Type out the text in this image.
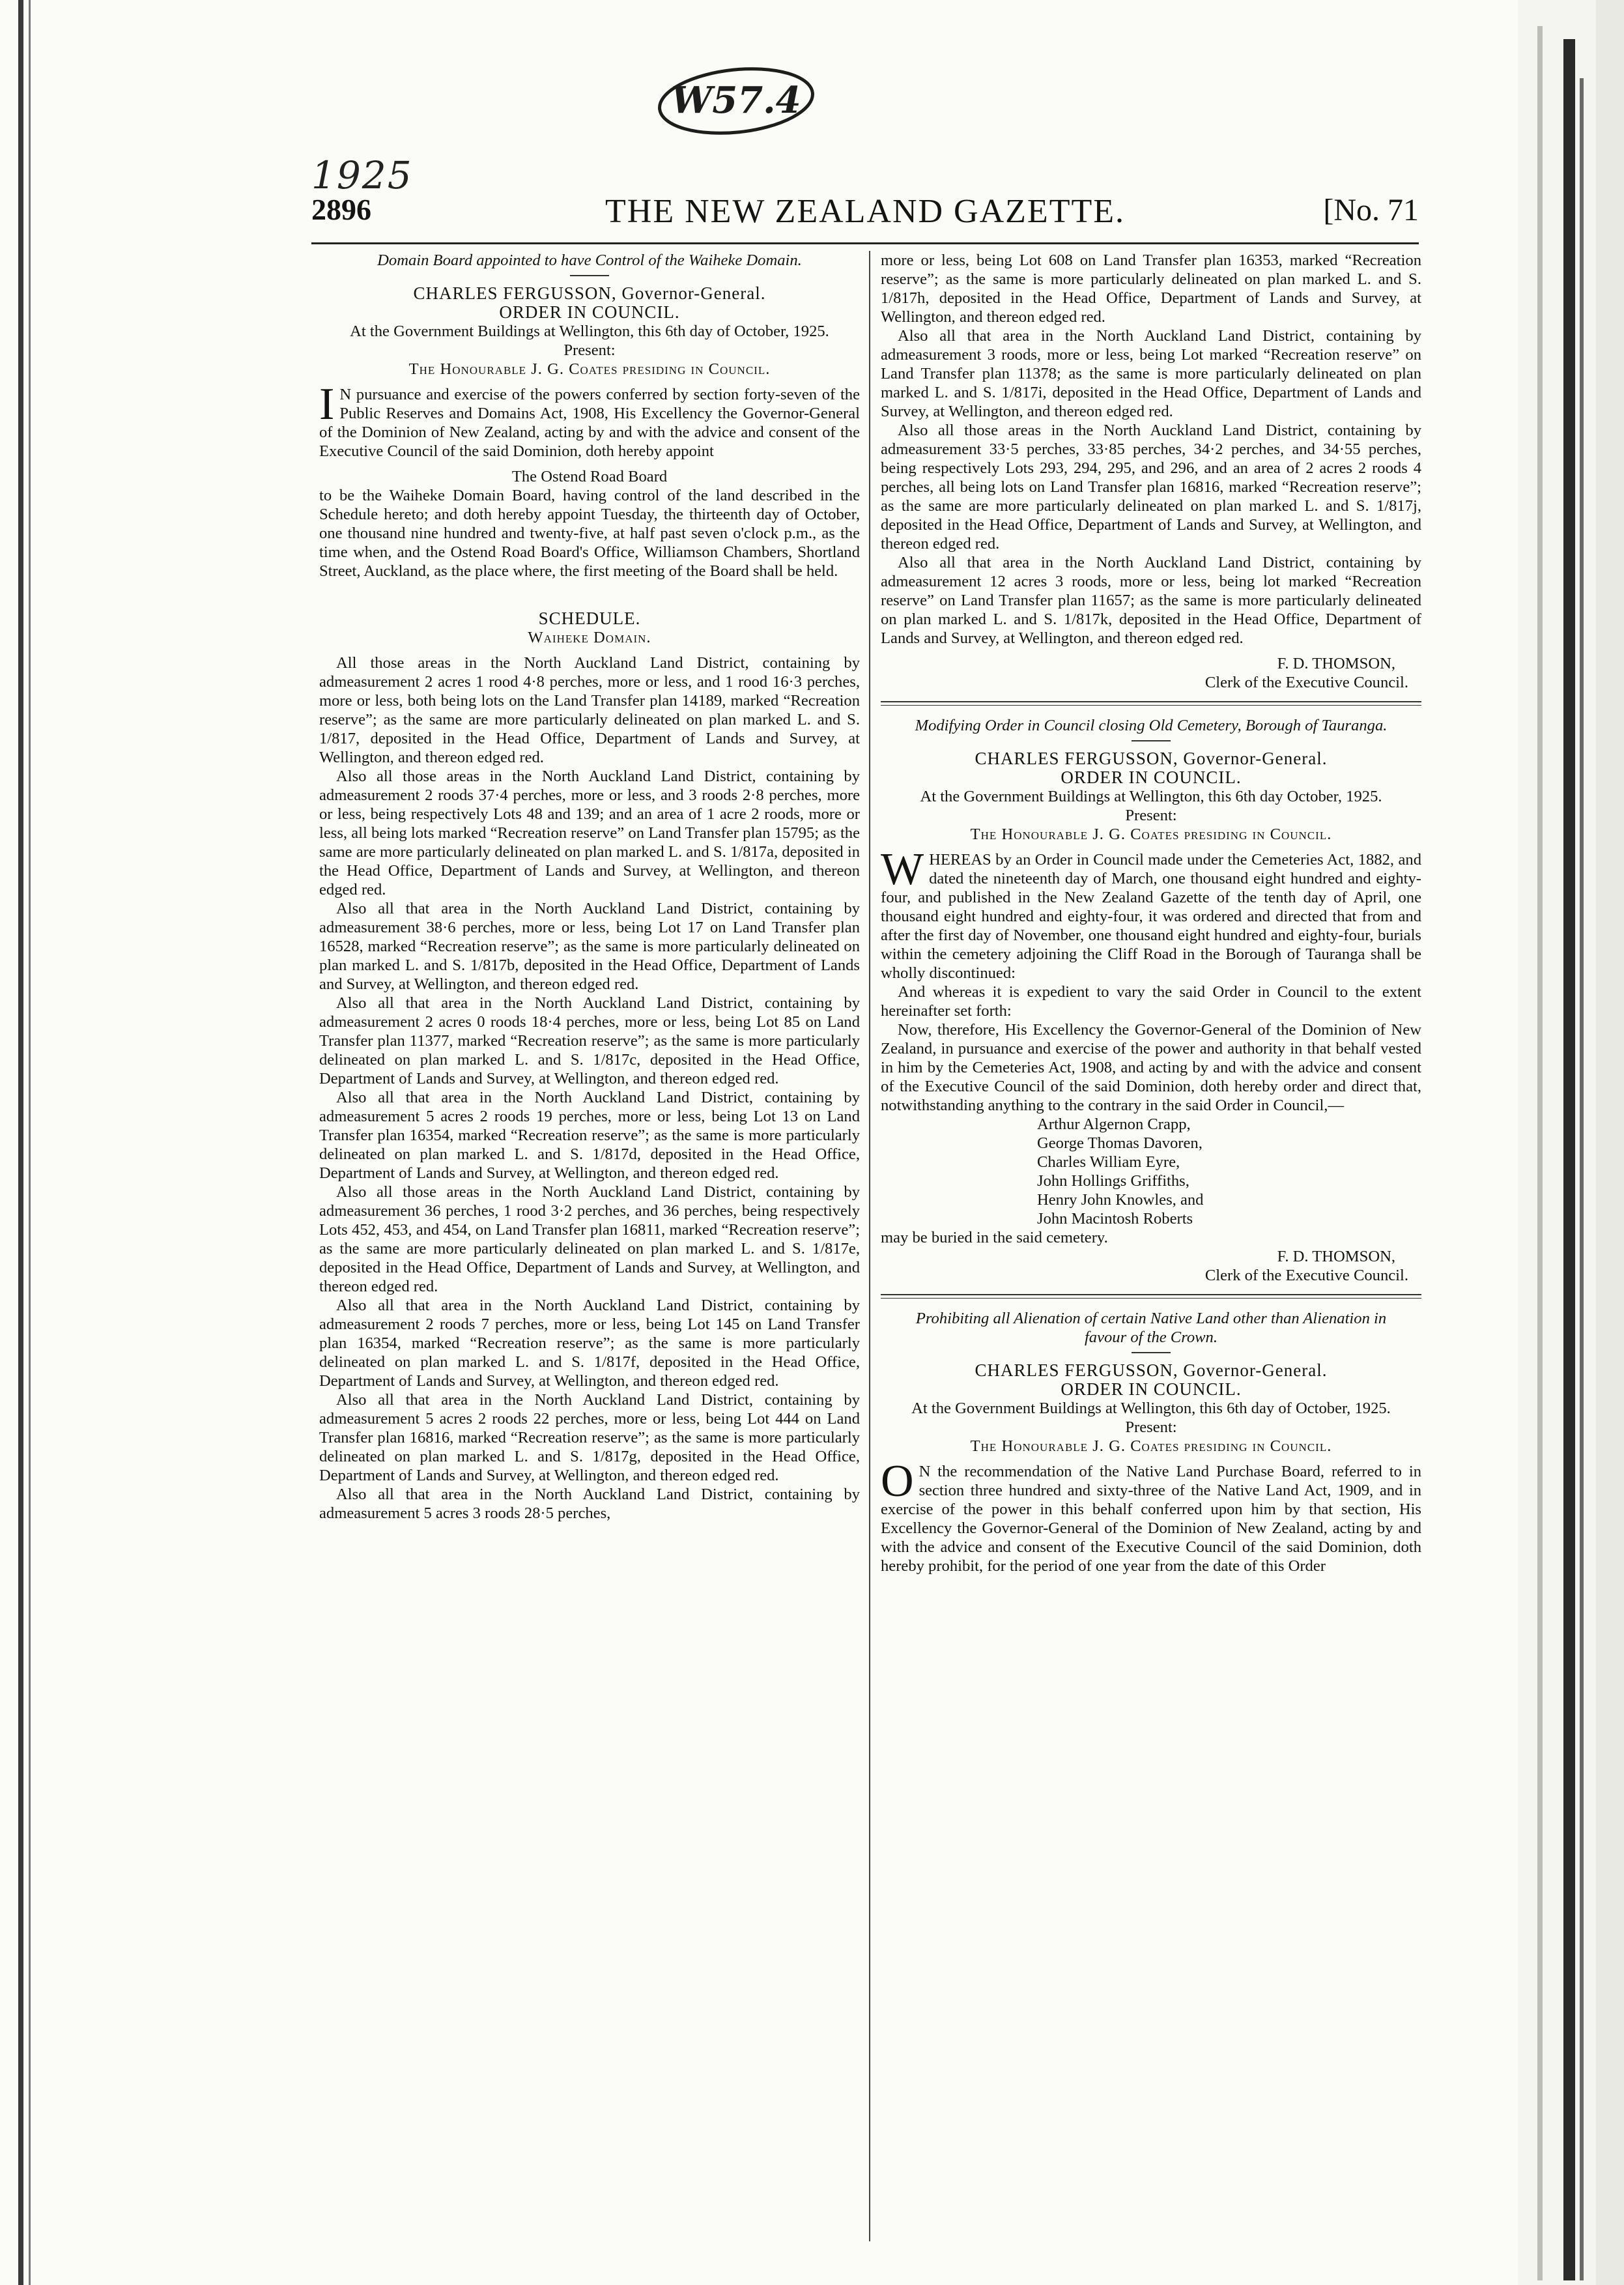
W57.4
1925
2896	THE NEW ZEALAND GAZETTE.	[No. 71
Domain Board appointed to have Control of the Waiheke Domain.

CHARLES FERGUSSON, Governor-General.

ORDER IN COUNCIL.

At the Government Buildings at Wellington, this 6th day of October, 1925.

Present:

The Honourable J. G. Coates presiding in Council.

I N pursuance and exercise of the powers conferred by section forty-seven of the Public Reserves and Domains Act, 1908, His Excellency the Governor-General of the Dominion of New Zealand, acting by and with the advice and consent of the Executive Council of the said Dominion, doth hereby appoint

The Ostend Road Board

to be the Waiheke Domain Board, having control of the land described in the Schedule hereto; and doth hereby appoint Tuesday, the thirteenth day of October, one thousand nine hundred and twenty-five, at half past seven o'clock p.m., as the time when, and the Ostend Road Board's Office, Williamson Chambers, Shortland Street, Auckland, as the place where, the first meeting of the Board shall be held.

SCHEDULE.

Waiheke Domain.

All those areas in the North Auckland Land District, containing by admeasurement 2 acres 1 rood 4·8 perches, more or less, and 1 rood 16·3 perches, more or less, both being lots on the Land Transfer plan 14189, marked “Recreation reserve”; as the same are more particularly delineated on plan marked L. and S. 1/817, deposited in the Head Office, Department of Lands and Survey, at Wellington, and thereon edged red.

Also all those areas in the North Auckland Land District, containing by admeasurement 2 roods 37·4 perches, more or less, and 3 roods 2·8 perches, more or less, being respectively Lots 48 and 139; and an area of 1 acre 2 roods, more or less, all being lots marked “Recreation reserve” on Land Transfer plan 15795; as the same are more particularly delineated on plan marked L. and S. 1/817a, deposited in the Head Office, Department of Lands and Survey, at Wellington, and thereon edged red.

Also all that area in the North Auckland Land District, containing by admeasurement 38·6 perches, more or less, being Lot 17 on Land Transfer plan 16528, marked “Recreation reserve”; as the same is more particularly delineated on plan marked L. and S. 1/817b, deposited in the Head Office, Department of Lands and Survey, at Wellington, and thereon edged red.

Also all that area in the North Auckland Land District, containing by admeasurement 2 acres 0 roods 18·4 perches, more or less, being Lot 85 on Land Transfer plan 11377, marked “Recreation reserve”; as the same is more particularly delineated on plan marked L. and S. 1/817c, deposited in the Head Office, Department of Lands and Survey, at Wellington, and thereon edged red.

Also all that area in the North Auckland Land District, containing by admeasurement 5 acres 2 roods 19 perches, more or less, being Lot 13 on Land Transfer plan 16354, marked “Recreation reserve”; as the same is more particularly delineated on plan marked L. and S. 1/817d, deposited in the Head Office, Department of Lands and Survey, at Wellington, and thereon edged red.

Also all those areas in the North Auckland Land District, containing by admeasurement 36 perches, 1 rood 3·2 perches, and 36 perches, being respectively Lots 452, 453, and 454, on Land Transfer plan 16811, marked “Recreation reserve”; as the same are more particularly delineated on plan marked L. and S. 1/817e, deposited in the Head Office, Department of Lands and Survey, at Wellington, and thereon edged red.

Also all that area in the North Auckland Land District, containing by admeasurement 2 roods 7 perches, more or less, being Lot 145 on Land Transfer plan 16354, marked “Recreation reserve”; as the same is more particularly delineated on plan marked L. and S. 1/817f, deposited in the Head Office, Department of Lands and Survey, at Wellington, and thereon edged red.

Also all that area in the North Auckland Land District, containing by admeasurement 5 acres 2 roods 22 perches, more or less, being Lot 444 on Land Transfer plan 16816, marked “Recreation reserve”; as the same is more particularly delineated on plan marked L. and S. 1/817g, deposited in the Head Office, Department of Lands and Survey, at Wellington, and thereon edged red.

Also all that area in the North Auckland Land District, containing by admeasurement 5 acres 3 roods 28·5 perches,

more or less, being Lot 608 on Land Transfer plan 16353, marked “Recreation reserve”; as the same is more particularly delineated on plan marked L. and S. 1/817h, deposited in the Head Office, Department of Lands and Survey, at Wellington, and thereon edged red.

Also all that area in the North Auckland Land District, containing by admeasurement 3 roods, more or less, being Lot marked “Recreation reserve” on Land Transfer plan 11378; as the same is more particularly delineated on plan marked L. and S. 1/817i, deposited in the Head Office, Department of Lands and Survey, at Wellington, and thereon edged red.

Also all those areas in the North Auckland Land District, containing by admeasurement 33·5 perches, 33·85 perches, 34·2 perches, and 34·55 perches, being respectively Lots 293, 294, 295, and 296, and an area of 2 acres 2 roods 4 perches, all being lots on Land Transfer plan 16816, marked “Recreation reserve”; as the same are more particularly delineated on plan marked L. and S. 1/817j, deposited in the Head Office, Department of Lands and Survey, at Wellington, and thereon edged red.

Also all that area in the North Auckland Land District, containing by admeasurement 12 acres 3 roods, more or less, being lot marked “Recreation reserve” on Land Transfer plan 11657; as the same is more particularly delineated on plan marked L. and S. 1/817k, deposited in the Head Office, Department of Lands and Survey, at Wellington, and thereon edged red.

F. D. THOMSON,
Clerk of the Executive Council.
Modifying Order in Council closing Old Cemetery, Borough of Tauranga.

CHARLES FERGUSSON, Governor-General.

ORDER IN COUNCIL.

At the Government Buildings at Wellington, this 6th day October, 1925.

Present:

The Honourable J. G. Coates presiding in Council.

WHEREAS by an Order in Council made under the Cemeteries Act, 1882, and dated the nineteenth day of March, one thousand eight hundred and eighty-four, and published in the New Zealand Gazette of the tenth day of April, one thousand eight hundred and eighty-four, it was ordered and directed that from and after the first day of November, one thousand eight hundred and eighty-four, burials within the cemetery adjoining the Cliff Road in the Borough of Tauranga shall be wholly discontinued:

And whereas it is expedient to vary the said Order in Council to the extent hereinafter set forth:

Now, therefore, His Excellency the Governor-General of the Dominion of New Zealand, in pursuance and exercise of the power and authority in that behalf vested in him by the Cemeteries Act, 1908, and acting by and with the advice and consent of the Executive Council of the said Dominion, doth hereby order and direct that, notwithstanding anything to the contrary in the said Order in Council,—

Arthur Algernon Crapp,
George Thomas Davoren,
Charles William Eyre,
John Hollings Griffiths,
Henry John Knowles, and
John Macintosh Roberts

may be buried in the said cemetery.

F. D. THOMSON,
Clerk of the Executive Council.
Prohibiting all Alienation of certain Native Land other than Alienation in favour of the Crown.

CHARLES FERGUSSON, Governor-General.

ORDER IN COUNCIL.

At the Government Buildings at Wellington, this 6th day of October, 1925.

Present:

The Honourable J. G. Coates presiding in Council.

O N the recommendation of the Native Land Purchase Board, referred to in section three hundred and sixty-three of the Native Land Act, 1909, and in exercise of the power in this behalf conferred upon him by that section, His Excellency the Governor-General of the Dominion of New Zealand, acting by and with the advice and consent of the Executive Council of the said Dominion, doth hereby prohibit, for the period of one year from the date of this Order
